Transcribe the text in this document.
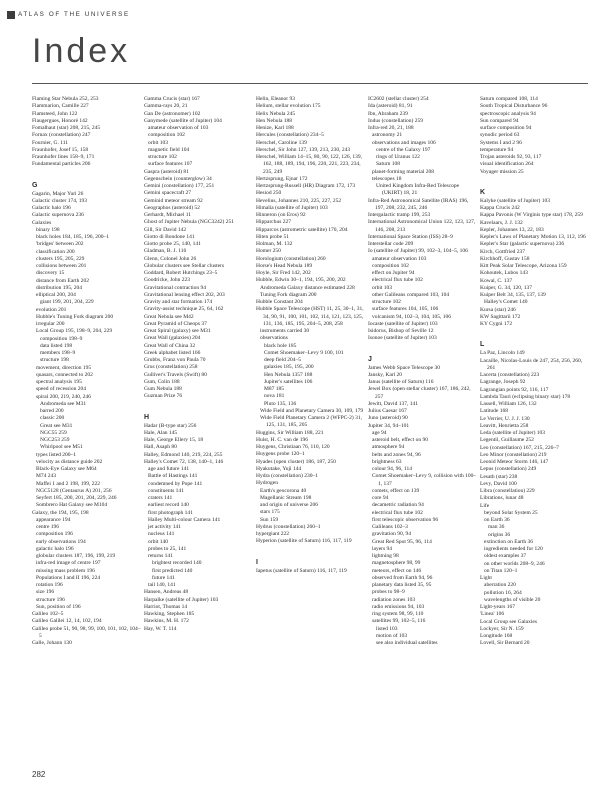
ATLAS OF THE UNIVERSE
Index
Flaming Star Nebula 252, 253
Flammarion, Camille 227
Flamsteed, John 122
Flaugergues, Honoré 142
Fomalhaut (star) 208, 215, 245
Fornax (constellation) 247
Fournier, G. 111
Fraunhofer, Josef 15, 158
Fraunhofer lines 158–9, 171
Fundamental particles 206
G
Gagarin, Major Yuri 26
Galactic cluster 174, 193
Galactic halo 196
Galactic supernova 236
Galaxies
binary 198
black holes 184, 185, 196, 200–1
'bridges' between 202
classification 200
clusters 195, 205, 229
collisions between 201
discovery 15
distance from Earth 202
distribution 195, 204
elliptical 200, 204
giant 199, 201, 204, 229
evolution 201
Hubble's Tuning Fork diagram 200
irregular 200
Local Group 195, 198–9, 204, 229
composition 198–9
data listed 198
members 198–9
structure 198
movement, direction 195
quasars, connected to 202
spectral analysis 195
speed of recession 204
spiral 200, 219, 240, 246
Andromeda see M31
barred 200
classic 200
Great see M31
NGC55 259
NGC253 259
Whirlpool see M51
types listed 200–1
velocity as distance guide 202
Black-Eye Galaxy see M64
M74 243
Maffei 1 and 2 198, 199, 222
NGC5128 (Centaurus A) 201, 256
Seyfert 185, 200, 201, 204, 229, 246
Sombrero Hat Galaxy see M104
Galaxy, the 194, 195, 198
appearance 194
centre 196
composition 196
early observations 194
galactic halo 196
globular clusters 187, 196, 199, 219
infra-red image of centre 197
missing mass problem 196
Populations I and II 196, 224
rotation 196
size 196
structure 196
Sun, position of 196
Galileo 102–5
Galileo Galilei 12, 14, 102, 194
Galileo probe 51, 90, 98, 99, 100, 101, 102, 104–5
Galle, Johann 130
Gamma Crucis (star) 167
Gamma-rays 20, 21
Gan De (astronomer) 102
Ganymede (satellite of Jupiter) 104
amateur observation of 103
composition 102
orbit 103
magnetic field 104
structure 102
surface features 107
Gaspra (asteroid) 81
Gegenschein (counterglow) 34
Gemini (constellation) 177, 251
Gemini spacecraft 27
Geminid meteor stream 92
Geographos (asteroid) 52
Gerhardt, Michael 11
Ghost of Jupiter Nebula (NGC3242) 251
Gill, Sir David 142
Giotto di Bondone 141
Giotto probe 25, 140, 141
Gladman, B. J. 116
Glenn, Colonel John 26
Globular clusters see Stellar clusters
Goddard, Robert Hutchings 23–5
Goodricke, John 223
Gravitational contraction 94
Gravitational lensing effect 202, 203
Gravity and star formation 174
Gravity-assist technique 25, 64, 162
Great Nebula see M42
Great Pyramid of Cheops 37
Great Spiral (galaxy) see M31
Great Wall (galaxies) 204
Great Wall of China 32
Greek alphabet listed 166
Grubbs, Franz von Paula 70
Grus (constellation) 258
Gulliver's Travels (Swift) 80
Gum, Colin 188
Gum Nebula 188
Guzman Prize 76
H
Hadar (B-type star) 256
Hale, Alan 145
Hale, George Ellery 15, 18
Hall, Asaph 80
Halley, Edmond 140, 219, 224, 255
Halley's Comet 72, 138, 140–1, 146
age and future 141
Battle of Hastings 141
condemned by Pope 141
constituents 141
craters 141
earliest record 140
first photograph 141
Halley Multi-colour Camera 141
jet activity 141
nucleus 141
orbit 140
probes to 25, 141
returns 141
brightest recorded 140
first predicted 140
future 141
tail 140, 141
Hansen, Andreas 48
Harpalke (satellite of Jupiter) 103
Harriot, Thomas 14
Hawking, Stephen 185
Hawkins, M. H. 172
Hay, W. T. 114
Helin, Eleanor 93
Helium, stellar evolution 175
Helix Nebula 245
Hen Nebula 188
Henize, Karl 188
Hercules (constellation) 234–5
Herschel, Caroline 139
Herschel, Sir John 127, 139, 213, 230, 243
Herschel, William 14–15, 80, 90, 122, 126, 139, 162, 188, 189, 194, 196, 220, 221, 223, 234, 235, 249
Hertzsprung, Ejnar 172
Hertzsprung-Russell (HR) Diagram 172, 173
Hesiod 250
Hevelius, Johannes 210, 225, 227, 252
Himalia (satellite of Jupiter) 103
Hinneron (on Eros) 92
Hipparchus 227
Hipparcos (astrometric satellite) 170, 204
Hiten probe 51
Holman, M. 132
Homer 250
Horologium (constellation) 260
Horse's Head Nebula 189
Hoyle, Sir Fred 142, 202
Hubble, Edwin 30–1, 194, 195, 200, 202
Andromeda Galaxy distance estimated 228
Tuning Fork diagram 200
Hubble Constant 204
Hubble Space Telescope (HST) 11, 25, 30–1, 31, 34, 90, 91, 100, 101, 102, 114, 121, 123, 125, 131, 136, 185, 195, 204–5, 208, 258
instruments carried 30
observations
black hole 185
Comet Shoemaker–Levy 9 100, 101
deep field 204–5
galaxies 185, 195, 200
Hen Nebula 1357 188
Jupiter's satellites 106
M87 185
nova 181
Pluto 135, 136
Wide Field and Planetary Camera 30, 109, 179
Wide Field Planetary Camera 2 (WFPC-2) 31, 125, 131, 185, 205
Huggins, Sir William 188, 221
Hulst, H. C. van de 196
Huygens, Christiaan 76, 110, 120
Huygens probe 120–1
Hyades (open cluster) 186, 187, 250
Hyakutake, Yuji 144
Hydra (constellation) 230–1
Hydrogen
Earth's geocorona 40
Magellanic Stream 198
and origin of universe 206
stars 175
Sun 159
Hydrus (constellation) 260–1
hypergiant 222
Hyperion (satellite of Saturn) 116, 117, 119
I
Iapetus (satellite of Saturn) 116, 117, 119
IC2602 (stellar cluster) 254
Ida (asteroid) 81, 91
Ibn, Abraham 239
Indus (constellation) 259
Infra-red 20, 21, 188
astronomy 21
observations and images 106
centre of the Galaxy 197
rings of Uranus 122
Saturn 108
planet-forming material 208
telescopes 18
United Kingdom Infra-Red Telescope (UKIRT) 18, 21
Infra-Red Astronomical Satellite (IRAS) 196, 197, 208, 232, 245, 246
Intergalactic tramp 199, 253
International Astronomical Union 122, 123, 127, 146, 208, 213
International Space Station (ISS) 28–9
Interstellar code 209
Io (satellite of Jupiter) 99, 102–3, 104–5, 106
amateur observation 103
composition 102
effect on Jupiter 94
electrical flux tube 102
orbit 103
other Galileans compared 103, 104
structure 102
surface features 104, 105, 106
volcanism 94, 102–3, 104, 105, 106
Iocaste (satellite of Jupiter) 103
Isidorus, Bishop of Seville 12
Isonoe (satellite of Jupiter) 103
J
James Webb Space Telescope 30
Jansky, Karl 20
Janus (satellite of Saturn) 116
Jewel Box (open stellar cluster) 167, 186, 242, 257
Jewitt, David 137, 141
Julius Caesar 167
Juno (asteroid) 90
Jupiter 34, 94–101
age 94
asteroid belt, effect on 90
atmosphere 94
belts and zones 94, 96
brightness 63
colour 94, 96, 114
Comet Shoemaker–Levy 9, collision with 100–1, 137
comets, effect on 139
core 94
decametric radiation 94
electrical flux tube 102
first telescopic observation 96
Galileans 102–3
gravitation 90, 94
Great Red Spot 95, 96, 114
layers 94
lightning 98
magnetosphere 98, 99
meteors, effect on 146
observed from Earth 94, 96
planetary data listed 35, 95
probes to 98–9
radiation zones 103
radio emissions 94, 103
ring system 98, 99, 110
satellites 99, 102–5, 116
listed 103
motion of 103
see also individual satellites
Saturn compared 108, 114
South Tropical Disturbance 96
spectroscopic analysis 94
Sun compared 94
surface composition 94
synodic period 63
Systems I and 2 96
temperature 94
Trojan asteroids 92, 93, 117
visual identification 264
Voyager mission 25
K
Kalyke (satellite of Jupiter) 103
Kappa Crucis 242
Kappa Pavonis (W Virginis type star) 178, 259
Kavelaars, J. J. 132
Kepler, Johannes 13, 22, 183
Kepler's Laws of Planetary Motion 13, 112, 196
Kepler's Star (galactic supernova) 236
Kirch, Gottfried 237
Kirchhoff, Gustav 158
Kitt Peak Solar Telescope, Arizona 159
Kohoutek, Lubos 143
Kowal, C. 137
Kuiper, G. 34, 120, 137
Kuiper Belt 34, 135, 137, 139
Halley's Comet 140
Kursa (star) 246
KW Sagittarii 172
KY Cygni 172
L
La Paz, Lincoln 149
Lacaille, Nicolas-Louis de 247, 254, 256, 260, 261
Lacerta (constellation) 223
Lagrange, Joseph 92
Lagrangian points 92, 116, 117
Lambda Tauri (eclipsing binary star) 178
Lassell, William 126, 132
Latitude 168
Le Verrier, U. J. J. 130
Leavitt, Henrietta 258
Leda (satellite of Jupiter) 103
Legentil, Guillaume 252
Leo (constellation) 167, 215, 226–7
Leo Minor (constellation) 219
Leonid Meteor Storm 146, 147
Lepus (constellation) 249
Lesath (star) 238
Levy, David 100
Libra (constellation) 229
Librations, lunar 48
Life
beyond Solar System 25
on Earth 36
man 36
origins 36
extinction on Earth 36
ingredients needed for 120
oldest examples 37
on other worlds 208–9, 246
on Titan 120–1
Light
aberration 220
pollution 16, 264
wavelengths of visible 20
Light-years 167
'Linea' 106
Local Group see Galaxies
Lockyer, Sir N. 159
Longitude 168
Lovell, Sir Bernard 20
282
